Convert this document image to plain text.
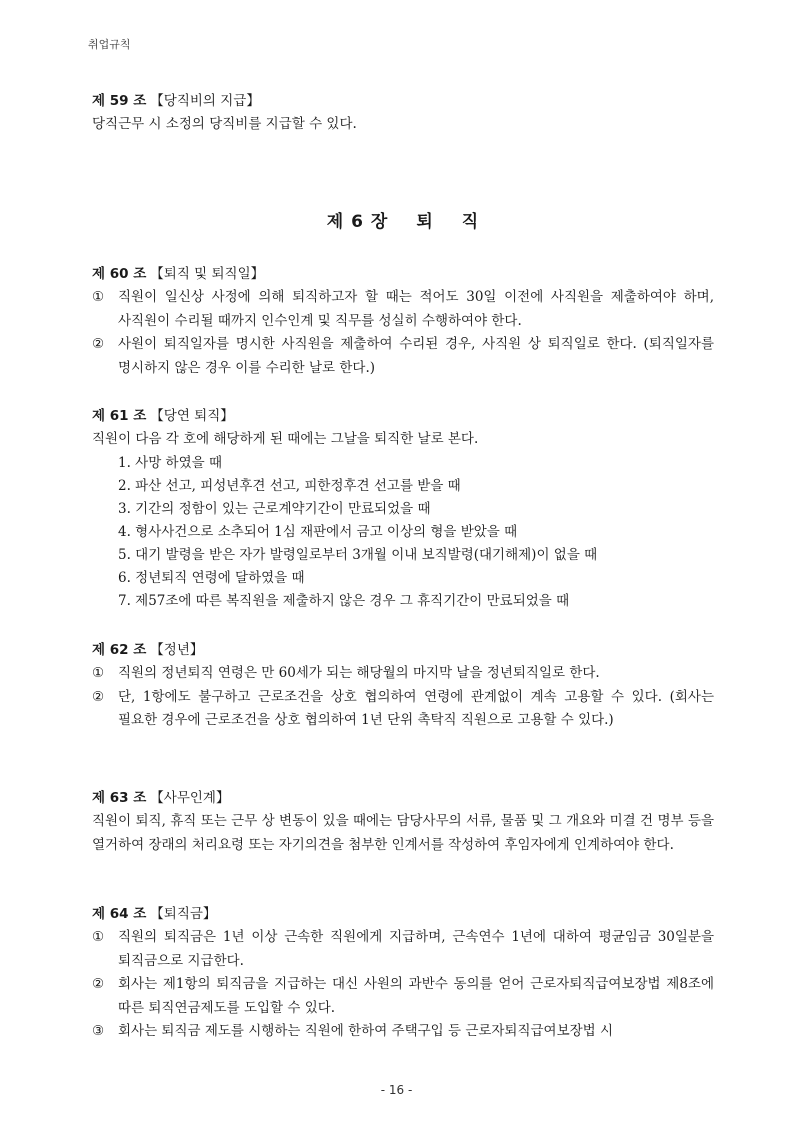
취업규칙
제 59 조 【당직비의 지급】
당직근무 시 소정의 당직비를 지급할 수 있다.
제 6 장 퇴 직
제 60 조 【퇴직 및 퇴직일】
① 직원이 일신상 사정에 의해 퇴직하고자 할 때는 적어도 30일 이전에 사직원을 제출하여야 하며, 사직원이 수리될 때까지 인수인계 및 직무를 성실히 수행하여야 한다.
② 사원이 퇴직일자를 명시한 사직원을 제출하여 수리된 경우, 사직원 상 퇴직일로 한다. (퇴직일자를 명시하지 않은 경우 이를 수리한 날로 한다.)
제 61 조 【당연 퇴직】
직원이 다음 각 호에 해당하게 된 때에는 그날을 퇴직한 날로 본다.
1. 사망 하였을 때
2. 파산 선고, 피성년후견 선고, 피한정후견 선고를 받을 때
3. 기간의 정함이 있는 근로계약기간이 만료되었을 때
4. 형사사건으로 소추되어 1심 재판에서 금고 이상의 형을 받았을 때
5. 대기 발령을 받은 자가 발령일로부터 3개월 이내 보직발령(대기해제)이 없을 때
6. 정년퇴직 연령에 달하였을 때
7. 제57조에 따른 복직원을 제출하지 않은 경우 그 휴직기간이 만료되었을 때
제 62 조 【정년】
① 직원의 정년퇴직 연령은 만 60세가 되는 해당월의 마지막 날을 정년퇴직일로 한다.
② 단, 1항에도 불구하고 근로조건을 상호 협의하여 연령에 관계없이 계속 고용할 수 있다. (회사는 필요한 경우에 근로조건을 상호 협의하여 1년 단위 촉탁직 직원으로 고용할 수 있다.)
제 63 조 【사무인계】
직원이 퇴직, 휴직 또는 근무 상 변동이 있을 때에는 담당사무의 서류, 물품 및 그 개요와 미결 건 명부 등을 열거하여 장래의 처리요령 또는 자기의견을 첨부한 인계서를 작성하여 후임자에게 인계하여야 한다.
제 64 조 【퇴직금】
① 직원의 퇴직금은 1년 이상 근속한 직원에게 지급하며, 근속연수 1년에 대하여 평균임금 30일분을 퇴직금으로 지급한다.
② 회사는 제1항의 퇴직금을 지급하는 대신 사원의 과반수 동의를 얻어 근로자퇴직급여보장법 제8조에 따른 퇴직연금제도를 도입할 수 있다.
③ 회사는 퇴직금 제도를 시행하는 직원에 한하여 주택구입 등 근로자퇴직급여보장법 시
- 16 -
